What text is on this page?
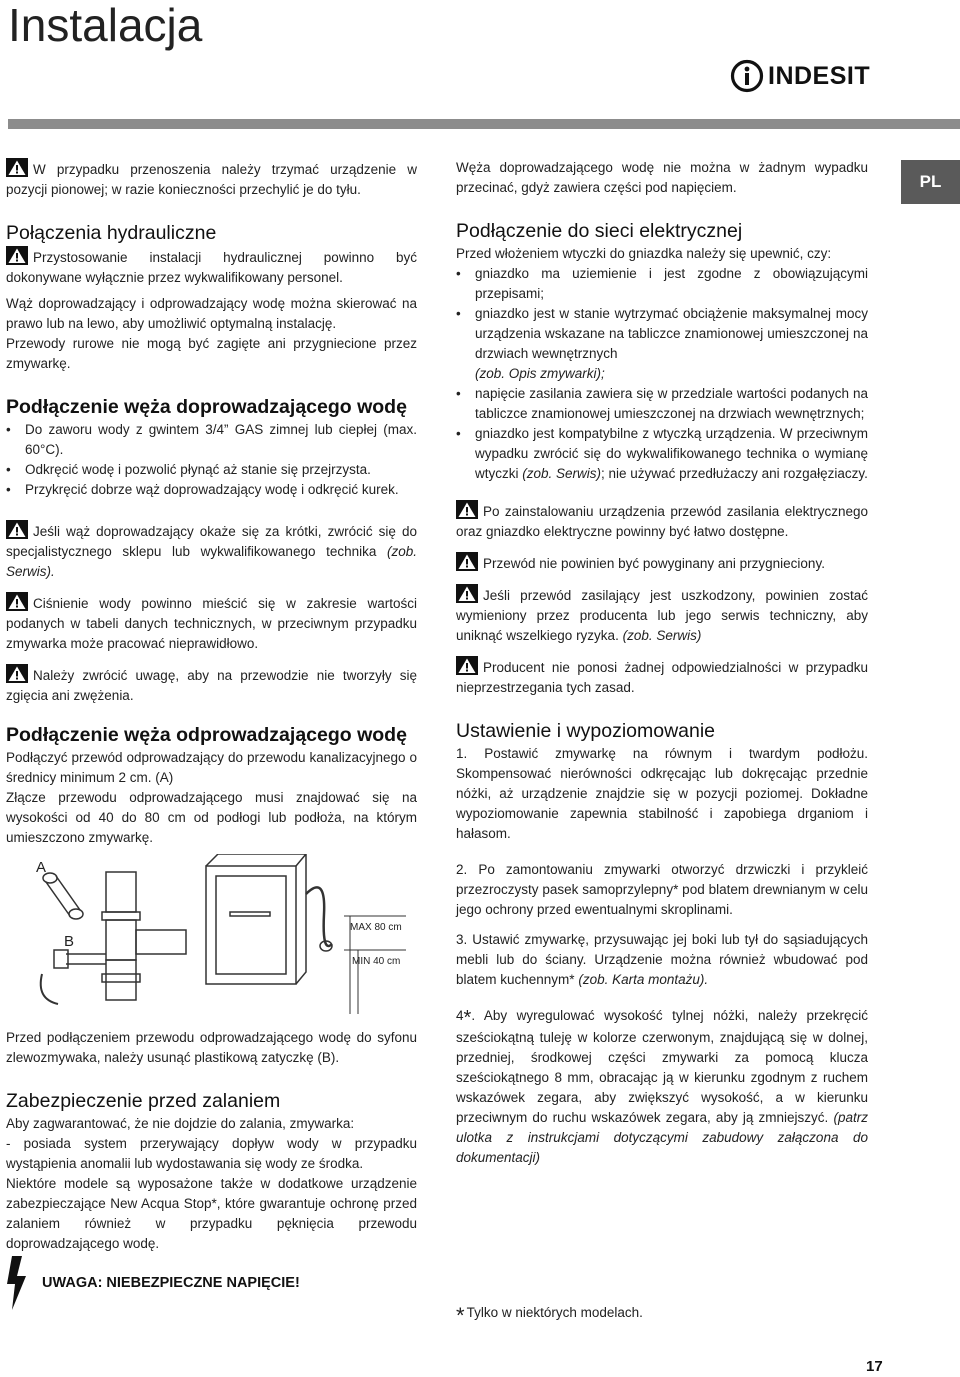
Instalacja
INDESIT
PL

W przypadku przenoszenia należy trzymać urządzenie w pozycji pionowej; w razie konieczności przechylić je do tyłu.

Połączenia hydrauliczne

Przystosowanie instalacji hydraulicznej powinno być dokonywane wyłącznie przez wykwalifikowany personel.

Wąż doprowadzający i odprowadzający wodę można skierować na prawo lub na lewo, aby umożliwić optymalną instalację.

Przewody rurowe nie mogą być zagięte ani przygniecione przez zmywarkę.

Podłączenie węża doprowadzającego wodę
• Do zaworu wody z gwintem 3/4” GAS zimnej lub ciepłej (max. 60°C).
• Odkręcić wodę i pozwolić płynąć aż stanie się przejrzysta.
• Przykręcić dobrze wąż doprowadzający wodę i odkręcić kurek.

Jeśli wąż doprowadzający okaże się za krótki, zwrócić się do specjalistycznego sklepu lub wykwalifikowanego technika (zob. Serwis).

Ciśnienie wody powinno mieścić się w zakresie wartości podanych w tabeli danych technicznych, w przeciwnym przypadku zmywarka może pracować nieprawidłowo.

Należy zwrócić uwagę, aby na przewodzie nie tworzyły się zgięcia ani zwężenia.

Podłączenie węża odprowadzającego wodę

Podłączyć przewód odprowadzający do przewodu kanalizacyjnego o średnicy minimum 2 cm. (A)

Złącze przewodu odprowadzającego musi znajdować się na wysokości od 40 do 80 cm od podłogi lub podłoża, na którym umieszczono zmywarkę.

A
B
MAX 80 cm
MIN 40 cm

Przed podłączeniem przewodu odprowadzającego wodę do syfonu zlewozmywaka, należy usunąć plastikową zatyczkę (B).

Zabezpieczenie przed zalaniem

Aby zagwarantować, że nie dojdzie do zalania, zmywarka:

- posiada system przerywający dopływ wody w przypadku wystąpienia anomalii lub wydostawania się wody ze środka.

Niektóre modele są wyposażone także w dodatkowe urządzenie zabezpieczające New Acqua Stop*, które gwarantuje ochronę przed zalaniem również w przypadku pęknięcia przewodu doprowadzającego wodę.

UWAGA: NIEBEZPIECZNE NAPIĘCIE!

Węża doprowadzającego wodę nie można w żadnym wypadku przecinać, gdyż zawiera części pod napięciem.

Podłączenie do sieci elektrycznej

Przed włożeniem wtyczki do gniazdka należy się upewnić, czy:

• gniazdko ma uziemienie i jest zgodne z obowiązującymi przepisami;
• gniazdko jest w stanie wytrzymać obciążenie maksymalnej mocy urządzenia wskazane na tabliczce znamionowej umieszczonej na drzwiach wewnętrznych
(zob. Opis zmywarki);
• napięcie zasilania zawiera się w przedziale wartości podanych na tabliczce znamionowej umieszczonej na drzwiach wewnętrznych;
• gniazdko jest kompatybilne z wtyczką urządzenia. W przeciwnym wypadku zwrócić się do wykwalifikowanego technika o wymianę wtyczki (zob. Serwis); nie używać przedłużaczy ani rozgałęziaczy.

Po zainstalowaniu urządzenia przewód zasilania elektrycznego oraz gniazdko elektryczne powinny być łatwo dostępne.

Przewód nie powinien być powyginany ani przygnieciony.

Jeśli przewód zasilający jest uszkodzony, powinien zostać wymieniony przez producenta lub jego serwis techniczny, aby uniknąć wszelkiego ryzyka. (zob. Serwis)

Producent nie ponosi żadnej odpowiedzialności w przypadku nieprzestrzegania tych zasad.

Ustawienie i wypoziomowanie

1. Postawić zmywarkę na równym i twardym podłożu. Skompensować nierówności odkręcając lub dokręcając przednie nóżki, aż urządzenie znajdzie się w pozycji poziomej. Dokładne wypoziomowanie zapewnia stabilność i zapobiega drganiom i hałasom.

2. Po zamontowaniu zmywarki otworzyć drzwiczki i przykleić przezroczysty pasek samoprzylepny* pod blatem drewnianym w celu jego ochrony przed ewentualnymi skroplinami.

3. Ustawić zmywarkę, przysuwając jej boki lub tył do sąsiadujących mebli lub do ściany. Urządzenie można również wbudować pod blatem kuchennym* (zob. Karta montażu).

4*. Aby wyregulować wysokość tylnej nóżki, należy przekręcić sześciokątną tuleję w kolorze czerwonym, znajdującą się w dolnej, przedniej, środkowej części zmywarki za pomocą klucza sześciokątnego 8 mm, obracając ją w kierunku zgodnym z ruchem wskazówek zegara, aby zwiększyć wysokość, a w kierunku przeciwnym do ruchu wskazówek zegara, aby ją zmniejszyć. (patrz ulotka z instrukcjami dotyczącymi zabudowy załączona do dokumentacji)

* Tylko w niektórych modelach.
17
